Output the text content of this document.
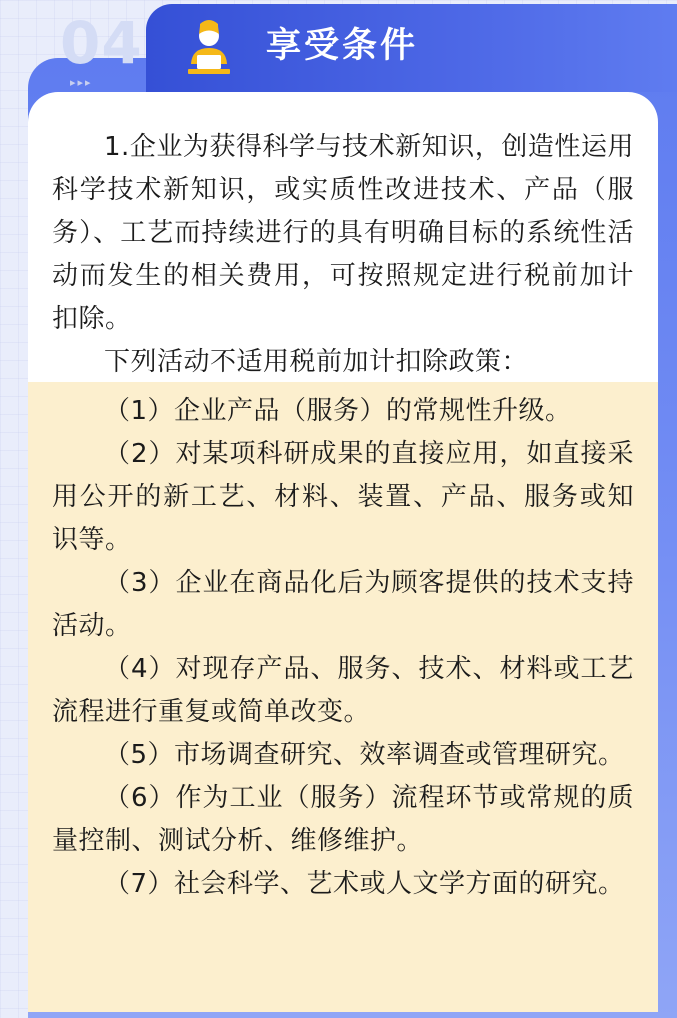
04
▸▸▸
享受条件

1.企业为获得科学与技术新知识，创造性运用科学技术新知识，或实质性改进技术、产品（服务）、工艺而持续进行的具有明确目标的系统性活动而发生的相关费用，可按照规定进行税前加计扣除。

下列活动不适用税前加计扣除政策：

（1）企业产品（服务）的常规性升级。

（2）对某项科研成果的直接应用，如直接采用公开的新工艺、材料、装置、产品、服务或知识等。

（3）企业在商品化后为顾客提供的技术支持活动。

（4）对现存产品、服务、技术、材料或工艺流程进行重复或简单改变。

（5）市场调查研究、效率调查或管理研究。

（6）作为工业（服务）流程环节或常规的质量控制、测试分析、维修维护。

（7）社会科学、艺术或人文学方面的研究。
